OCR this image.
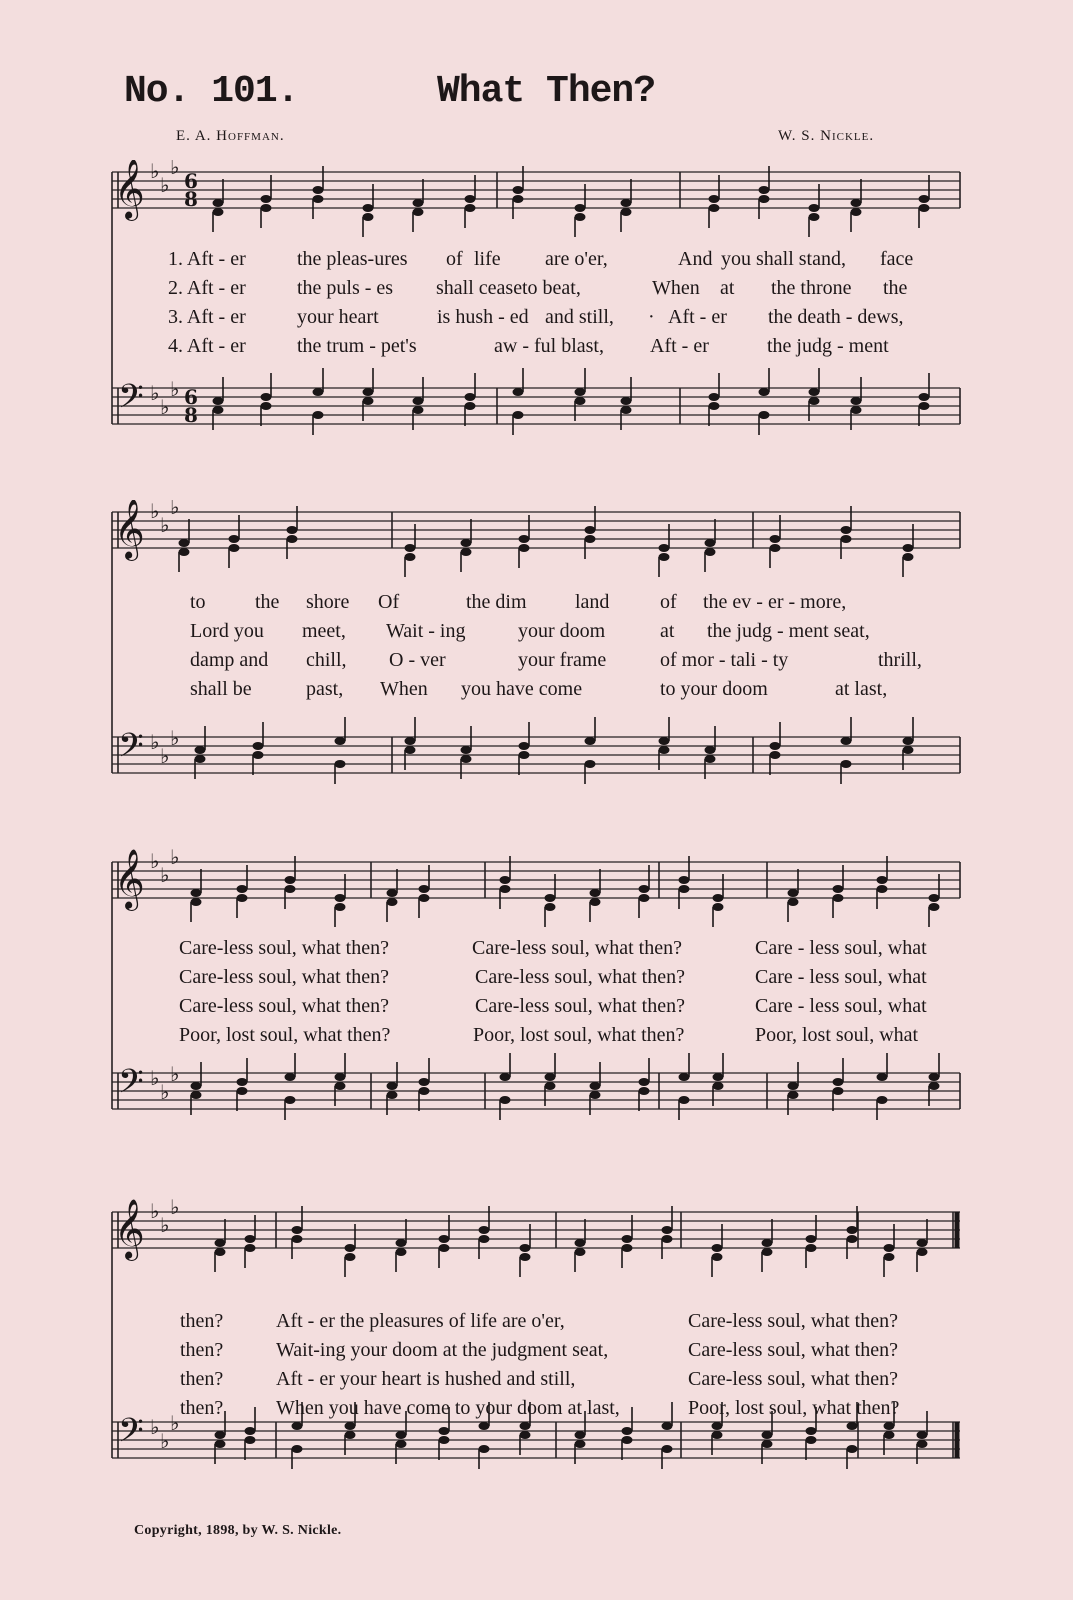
No. 101.	What Then?
E. A. Hoffman.	W. S. Nickle.
𝄞 ♭
♭
♭
6
8
𝄢 ♭
♭
♭ 6
8
1. Aft - er	the pleas-ures of life are o'er,	And you shall stand, face
2. Aft - er	the puls - es shall cease to beat,	When at the throne the
3. Aft - er	your heart	is hush - ed and still, · Aft - er the death - dews,
4. Aft - er	the trum - pet's	aw - ful blast, Aft - er	the judg - ment
𝄞 ♭
♭
♭
𝄢 ♭
♭
♭
to the shore Of	the dim land	of the ev - er - more,
Lord you meet, Wait - ing	your doom	at the judg - ment seat,
damp and chill, O - ver	your frame	of mor - tali - ty	thrill,
shall be	past, When you have come	to your doom	at last,
𝄞 ♭
♭
♭
𝄢 ♭
♭
♭
Care-less soul, what then?	Care-less soul, what then?	Care - less soul, what
Care-less soul, what then?	Care-less soul, what then?	Care - less soul, what
Care-less soul, what then?	Care-less soul, what then?	Care - less soul, what
Poor, lost soul, what then?	Poor, lost soul, what then?	Poor, lost soul, what
𝄞 ♭
♭
♭
𝄢 ♭
♭
♭
then?	Aft - er the pleasures of life are o'er,	Care-less soul, what then?
then?	Wait-ing your doom at the judgment seat,	Care-less soul, what then?
then?	Aft - er your heart is hushed and still,	Care-less soul, what then?
then?	When you have come to your doom at last,	Poor, lost soul, what then?
Copyright, 1898, by W. S. Nickle.
